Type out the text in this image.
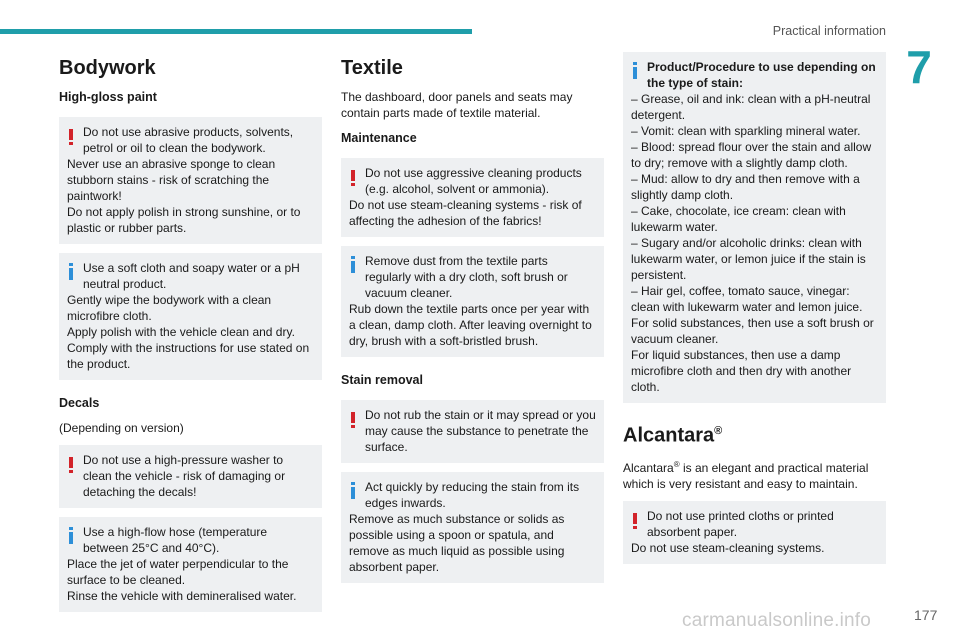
Practical information
7
Bodywork
High-gloss paint
Do not use abrasive products, solvents, petrol or oil to clean the bodywork.
Never use an abrasive sponge to clean stubborn stains - risk of scratching the paintwork!
Do not apply polish in strong sunshine, or to plastic or rubber parts.
Use a soft cloth and soapy water or a pH neutral product.
Gently wipe the bodywork with a clean microfibre cloth.
Apply polish with the vehicle clean and dry.
Comply with the instructions for use stated on the product.
Decals
(Depending on version)
Do not use a high-pressure washer to clean the vehicle - risk of damaging or detaching the decals!
Use a high-flow hose (temperature between 25°C and 40°C).
Place the jet of water perpendicular to the surface to be cleaned.
Rinse the vehicle with demineralised water.
Textile
The dashboard, door panels and seats may contain parts made of textile material.
Maintenance
Do not use aggressive cleaning products (e.g. alcohol, solvent or ammonia).
Do not use steam-cleaning systems - risk of affecting the adhesion of the fabrics!
Remove dust from the textile parts regularly with a dry cloth, soft brush or vacuum cleaner.
Rub down the textile parts once per year with a clean, damp cloth. After leaving overnight to dry, brush with a soft-bristled brush.
Stain removal
Do not rub the stain or it may spread or you may cause the substance to penetrate the surface.
Act quickly by reducing the stain from its edges inwards.
Remove as much substance or solids as possible using a spoon or spatula, and remove as much liquid as possible using absorbent paper.
Product/Procedure to use depending on the type of stain:
– Grease, oil and ink: clean with a pH-neutral detergent.
– Vomit: clean with sparkling mineral water.
– Blood: spread flour over the stain and allow to dry; remove with a slightly damp cloth.
– Mud: allow to dry and then remove with a slightly damp cloth.
– Cake, chocolate, ice cream: clean with lukewarm water.
– Sugary and/or alcoholic drinks: clean with lukewarm water, or lemon juice if the stain is persistent.
– Hair gel, coffee, tomato sauce, vinegar: clean with lukewarm water and lemon juice.
For solid substances, then use a soft brush or vacuum cleaner.
For liquid substances, then use a damp microfibre cloth and then dry with another cloth.
Alcantara®
Alcantara® is an elegant and practical material which is very resistant and easy to maintain.
Do not use printed cloths or printed absorbent paper.
Do not use steam-cleaning systems.
carmanualsonline.info	177
